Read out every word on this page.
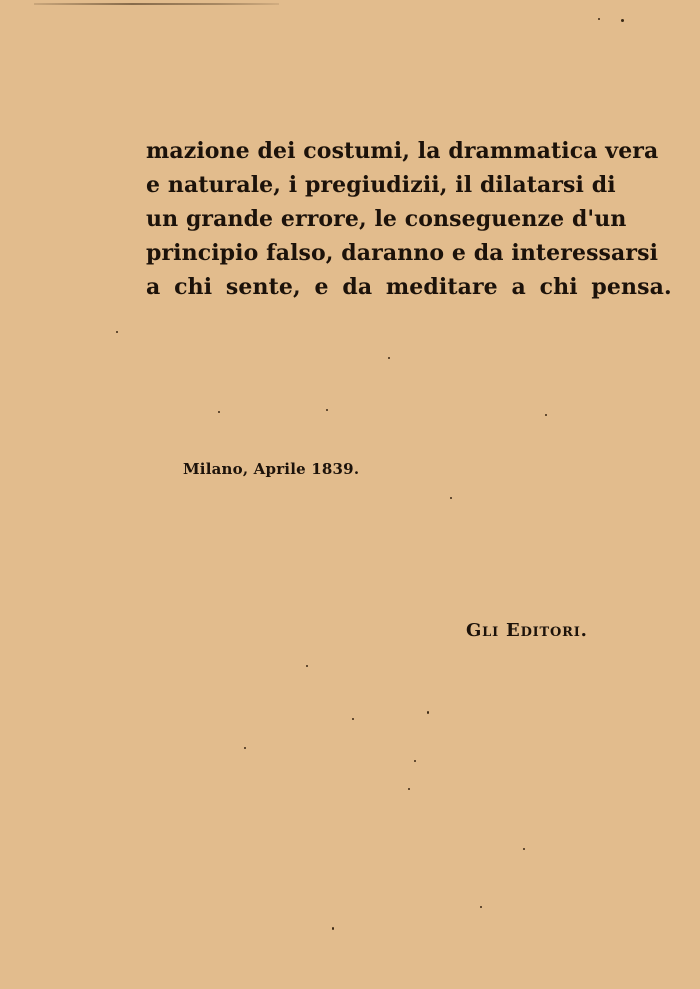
mazione dei costumi, la drammatica vera
e naturale, i pregiudizii, il dilatarsi di
un grande errore, le conseguenze d'un
principio falso, daranno e da interessarsi
a chi sente, e da meditare a chi pensa.
Milano, Aprile 1839.
Gli Editori.
